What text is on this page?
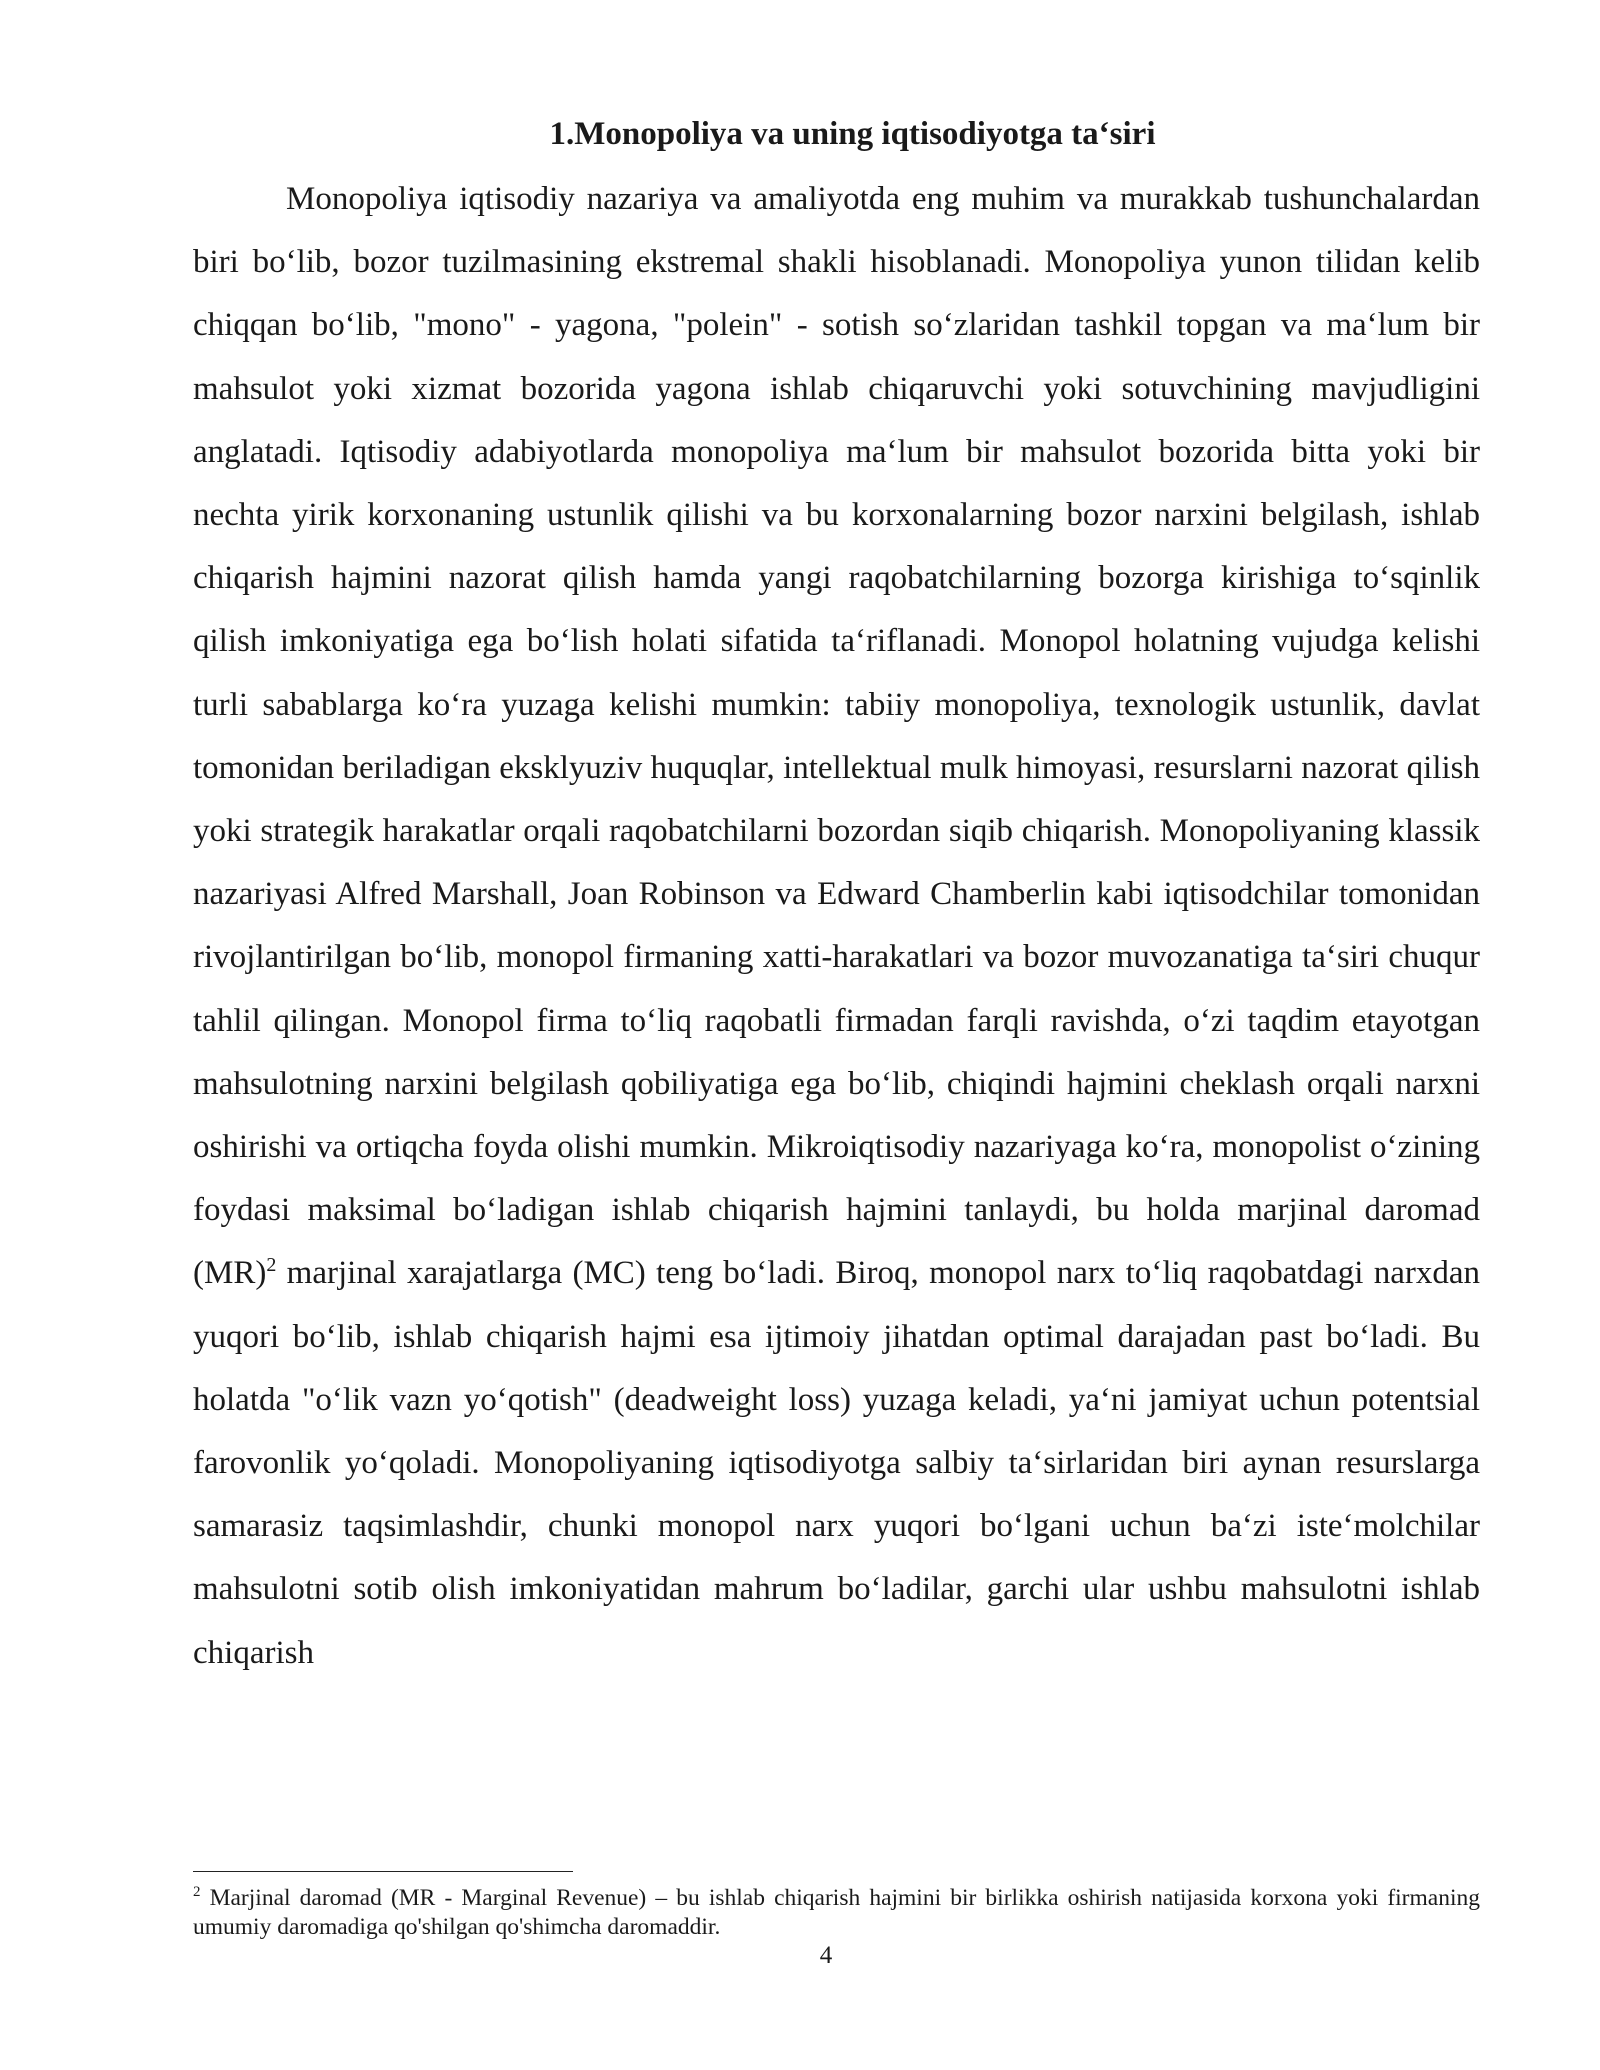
1.Monopoliya va uning iqtisodiyotga ta‘siri

Monopoliya iqtisodiy nazariya va amaliyotda eng muhim va murakkab tushunchalardan biri bo‘lib, bozor tuzilmasining ekstremal shakli hisoblanadi. Monopoliya yunon tilidan kelib chiqqan bo‘lib, "mono" - yagona, "polein" - sotish so‘zlaridan tashkil topgan va ma‘lum bir mahsulot yoki xizmat bozorida yagona ishlab chiqaruvchi yoki sotuvchining mavjudligini anglatadi. Iqtisodiy adabiyotlarda monopoliya ma‘lum bir mahsulot bozorida bitta yoki bir nechta yirik korxonaning ustunlik qilishi va bu korxonalarning bozor narxini belgilash, ishlab chiqarish hajmini nazorat qilish hamda yangi raqobatchilarning bozorga kirishiga to‘sqinlik qilish imkoniyatiga ega bo‘lish holati sifatida ta‘riflanadi. Monopol holatning vujudga kelishi turli sabablarga ko‘ra yuzaga kelishi mumkin: tabiiy monopoliya, texnologik ustunlik, davlat tomonidan beriladigan eksklyuziv huquqlar, intellektual mulk himoyasi, resurslarni nazorat qilish yoki strategik harakatlar orqali raqobatchilarni bozordan siqib chiqarish. Monopoliyaning klassik nazariyasi Alfred Marshall, Joan Robinson va Edward Chamberlin kabi iqtisodchilar tomonidan rivojlantirilgan bo‘lib, monopol firmaning xatti-harakatlari va bozor muvozanatiga ta‘siri chuqur tahlil qilingan. Monopol firma to‘liq raqobatli firmadan farqli ravishda, o‘zi taqdim etayotgan mahsulotning narxini belgilash qobiliyatiga ega bo‘lib, chiqindi hajmini cheklash orqali narxni oshirishi va ortiqcha foyda olishi mumkin. Mikroiqtisodiy nazariyaga ko‘ra, monopolist o‘zining foydasi maksimal bo‘ladigan ishlab chiqarish hajmini tanlaydi, bu holda marjinal daromad (MR)$^2$ marjinal xarajatlarga (MC) teng bo‘ladi. Biroq, monopol narx to‘liq raqobatdagi narxdan yuqori bo‘lib, ishlab chiqarish hajmi esa ijtimoiy jihatdan optimal darajadan past bo‘ladi. Bu holatda "o‘lik vazn yo‘qotish" (deadweight loss) yuzaga keladi, ya‘ni jamiyat uchun potentsial farovonlik yo‘qoladi. Monopoliyaning iqtisodiyotga salbiy ta‘sirlaridan biri aynan resurslarga samarasiz taqsimlashdir, chunki monopol narx yuqori bo‘lgani uchun ba‘zi iste‘molchilar mahsulotni sotib olish imkoniyatidan mahrum bo‘ladilar, garchi ular ushbu mahsulotni ishlab chiqarish

$^2$ Marjinal daromad (MR - Marginal Revenue) – bu ishlab chiqarish hajmini bir birlikka oshirish natijasida korxona yoki firmaning umumiy daromadiga qo'shilgan qo'shimcha daromaddir.

4
